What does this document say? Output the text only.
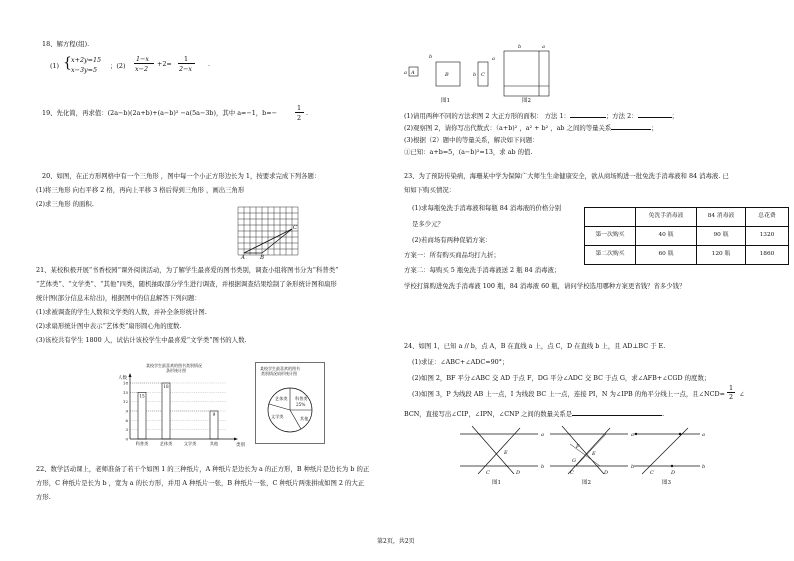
18、解方程(组).
(1) { x+2y=15
x−3y=5 ；(2)
1−x
x−2
+2=
1
2−x
.
19、先化简，再求值：(2a−b)(2a+b)+(a−b)² −a(5a−3b)，其中 a=−1，b=−
1
2
.
20、如图，在正方形网格中有一个三角形 ，图中每一个小正方形边长为 1，按要求完成下列各题：
(1)将三角形 向右平移 2 格，再向上平移 3 格后得到三角形 ，画出三角形
(2)求三角形 的面积.
A	B
C
21、某校积极开展“书香校园”课外阅读活动，为了解学生最喜爱的图书类别，调查小组将图书分为“科普类”
“艺体类”、“文学类”、“其他”四类，随机抽取部分学生进行调查，并根据调查结果绘制了条形统计图和扇形
统计图(部分信息未给出)，根据图中的信息解答下列问题：
(1)求被调查的学生人数和文学类的人数，并补全条形统计图.
(2)求扇形统计图中表示“艺体类”扇形圆心角的度数.
(3)该校共有学生 1800 人，试估计该校学生中最喜爱“文学类”图书的人数.
某校学生最喜欢的图书类别情况
条形统计图
人数
类别
0
3
6
9
12
15
18
科普类	艺体类	文学类	其他
15
18
9
某校学生最喜欢的图书
类别情况扇形统计图
艺体类 科普类
25%
文学类	其他
22、数学活动课上，老师准备了若干个如图 1 的三种纸片，A 种纸片是边长为 a 的正方形，B 种纸片是边长为 b 的正
方形，C 种纸片是长为 b ，宽为 a 的长方形，并用 A 种纸片一张，B 种纸片一张，C 种纸片两张拼成如图 2 的大正
方形.
a A
b
B	C
a
b
图1
b	a
图2
(1)请用两种不同的方法求图 2 大正方形的面积： 方法 1：	；方法 2：	；
(2)观察图 2，请你写出代数式：（a+b)² ，a² + b² ，ab 之间的等量关系	；
(3)根据（2）题中的等量关系，解决如下问题：
①已知：a+b=5，(a−b)²=13，求 ab 的值.
23、为了预防传染病，海珊某中学为保障广大师生生命健康安全，欲从商场购进一批免洗手消毒液和 84 消毒液. 已
知如下购买情况：
(1)求每瓶免洗手消毒液和每瓶 84 消毒液的价格分别
是多少元？
(2)若商场有两种促销方案：
方案一：所有购买商品均打九折；
方案二：每购买 5 瓶免洗手消毒液送 2 瓶 84 消毒液；
学校打算购进免洗手消毒液 100 瓶，84 消毒液 60 瓶，请问学校选用哪种方案更省钱？省多少钱？
	免洗手消毒液	84 消毒液	总花费
第一次购买	40 瓶	90 瓶	1320
第二次购买	60 瓶	120 瓶	1860
24、如图 1，已知 a // b，点 A，B 在直线 a 上，点 C，D 在直线 b 上，且 AD⊥BC 于 E.
(1)求证：∠ABC+∠ADC=90°；
(2)如图 2，BF 平分∠ABC 交 AD 于点 F，DG 平分∠ADC 交 BC 于点 G，求∠AFB+∠CGD 的度数；
(3)如图 3，P 为线段 AB 上一点，I 为线段 BC 上一点，连接 PI，N 为∠IPB 的角平分线上一点，且∠NCD= $\frac{1}{2}$ ∠
BCN，直接写出∠CIP，∠IPN，∠CNP 之间的数量关系是	.
a
b
E
C	D
图1
a
b
F
G
E
C	D
图2
a
b
C	D
图3
第2页，共2页
